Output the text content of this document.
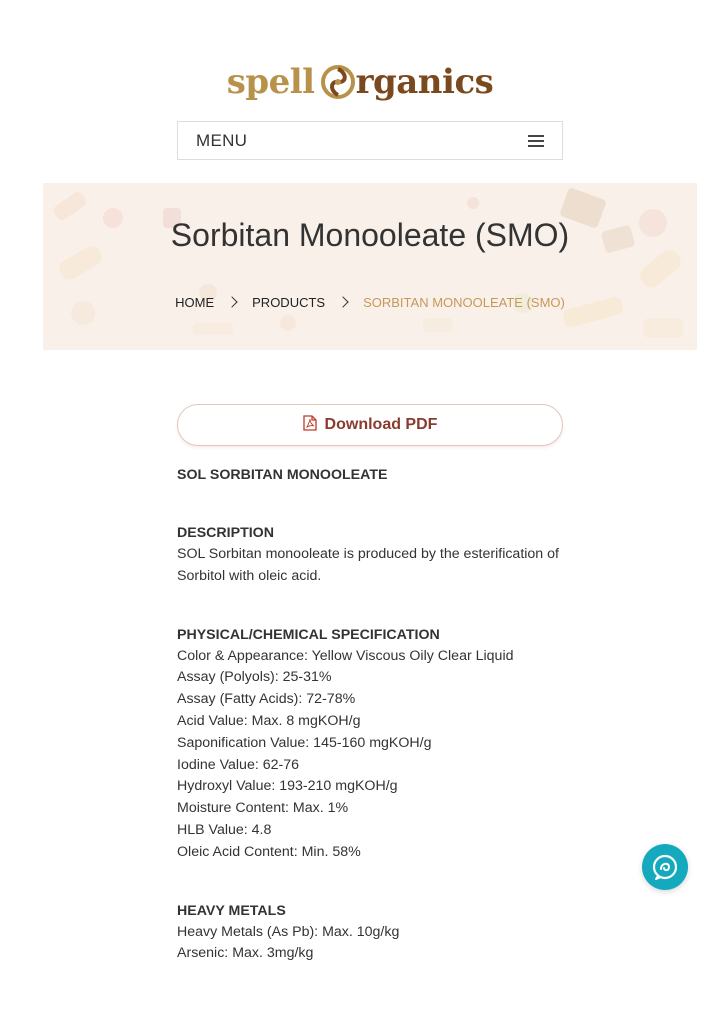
spell rganics
MENU
Sorbitan Monooleate (SMO)
HOME	PRODUCTS	SORBITAN MONOOLEATE (SMO)
Download PDF
SOL SORBITAN MONOOLEATE
DESCRIPTION

SOL Sorbitan monooleate is produced by the esterification of Sorbitol with oleic acid.

PHYSICAL/CHEMICAL SPECIFICATION
Color & Appearance: Yellow Viscous Oily Clear Liquid
Assay (Polyols): 25-31%
Assay (Fatty Acids): 72-78%
Acid Value: Max. 8 mgKOH/g
Saponification Value: 145-160 mgKOH/g
Iodine Value: 62-76
Hydroxyl Value: 193-210 mgKOH/g
Moisture Content: Max. 1%
HLB Value: 4.8
Oleic Acid Content: Min. 58%
HEAVY METALS
Heavy Metals (As Pb): Max. 10g/kg
Arsenic: Max. 3mg/kg
